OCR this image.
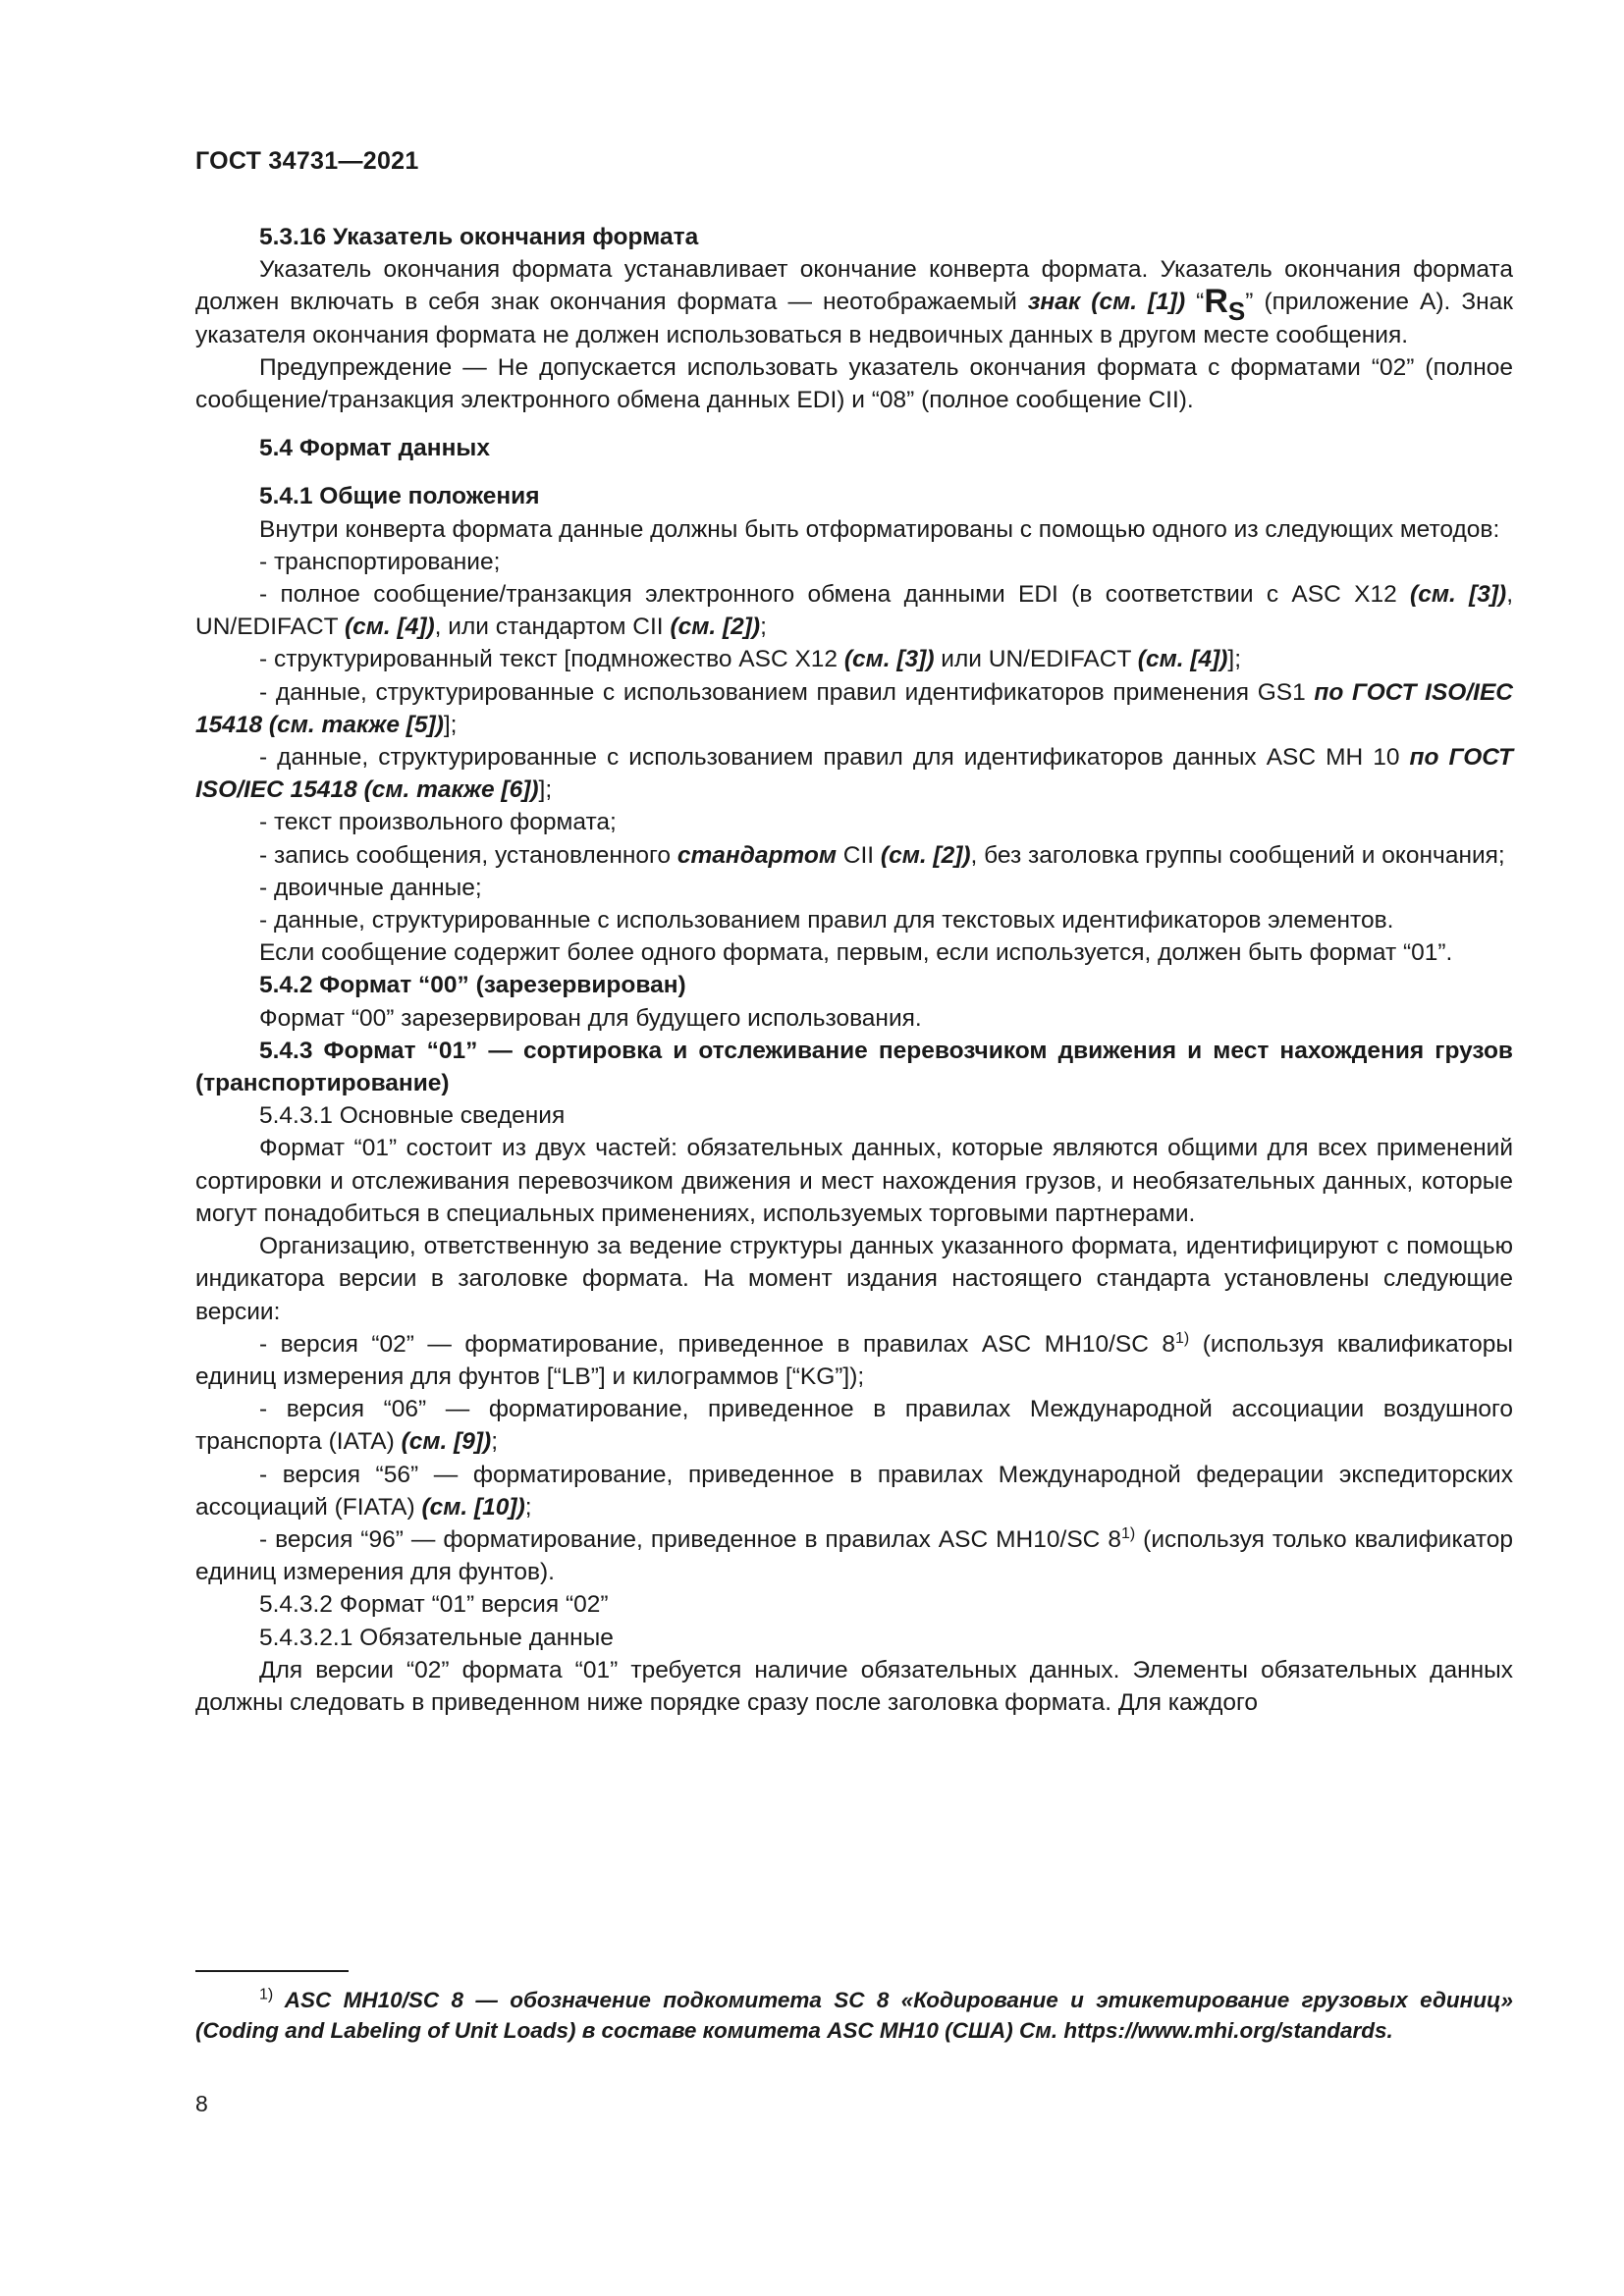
ГОСТ 34731—2021

5.3.16 Указатель окончания формата

Указатель окончания формата устанавливает окончание конверта формата. Указатель окончания формата должен включать в себя знак окончания формата — неотображаемый знак (см. [1]) “$R_S$” (приложение А). Знак указателя окончания формата не должен использоваться в недвоичных данных в другом месте сообщения.

Предупреждение — Не допускается использовать указатель окончания формата с форматами “02” (полное сообщение/транзакция электронного обмена данных EDI) и “08” (полное сообщение CII).

5.4 Формат данных

5.4.1 Общие положения

Внутри конверта формата данные должны быть отформатированы с помощью одного из следующих методов:

- транспортирование;

- полное сообщение/транзакция электронного обмена данными EDI (в соответствии с ASC X12 (см. [3]), UN/EDIFACT (см. [4]), или стандартом CII (см. [2]);

- структурированный текст [подмножество ASC X12 (см. [3]) или UN/EDIFACT (см. [4])];

- данные, структурированные с использованием правил идентификаторов применения GS1 по ГОСТ ISO/IEC 15418 (см. также [5])];

- данные, структурированные с использованием правил для идентификаторов данных ASC MH 10 по ГОСТ ISO/IEC 15418 (см. также [6])];

- текст произвольного формата;

- запись сообщения, установленного стандартом CII (см. [2]), без заголовка группы сообщений и окончания;

- двоичные данные;

- данные, структурированные с использованием правил для текстовых идентификаторов элементов.

Если сообщение содержит более одного формата, первым, если используется, должен быть формат “01”.

5.4.2 Формат “00” (зарезервирован)

Формат “00” зарезервирован для будущего использования.

5.4.3 Формат “01” — сортировка и отслеживание перевозчиком движения и мест нахождения грузов (транспортирование)

5.4.3.1 Основные сведения

Формат “01” состоит из двух частей: обязательных данных, которые являются общими для всех применений сортировки и отслеживания перевозчиком движения и мест нахождения грузов, и необязательных данных, которые могут понадобиться в специальных применениях, используемых торговыми партнерами.

Организацию, ответственную за ведение структуры данных указанного формата, идентифицируют с помощью индикатора версии в заголовке формата. На момент издания настоящего стандарта установлены следующие версии:

- версия “02” — форматирование, приведенное в правилах ASC MH10/SC 8$^{1)}$ (используя квалификаторы единиц измерения для фунтов [“LB”] и килограммов [“KG”]);

- версия “06” — форматирование, приведенное в правилах Международной ассоциации воздушного транспорта (IATA) (см. [9]);

- версия “56” — форматирование, приведенное в правилах Международной федерации экспедиторских ассоциаций (FIATA) (см. [10]);

- версия “96” — форматирование, приведенное в правилах ASC MH10/SC 8$^{1)}$ (используя только квалификатор единиц измерения для фунтов).

5.4.3.2 Формат “01” версия “02”

5.4.3.2.1 Обязательные данные

Для версии “02” формата “01” требуется наличие обязательных данных. Элементы обязательных данных должны следовать в приведенном ниже порядке сразу после заголовка формата. Для каждого

$^{1)}$ ASC MH10/SC 8 — обозначение подкомитета SC 8 «Кодирование и этикетирование грузовых единиц» (Coding and Labeling of Unit Loads) в составе комитета ASC MH10 (США) См. https://www.mhi.org/standards.

8
